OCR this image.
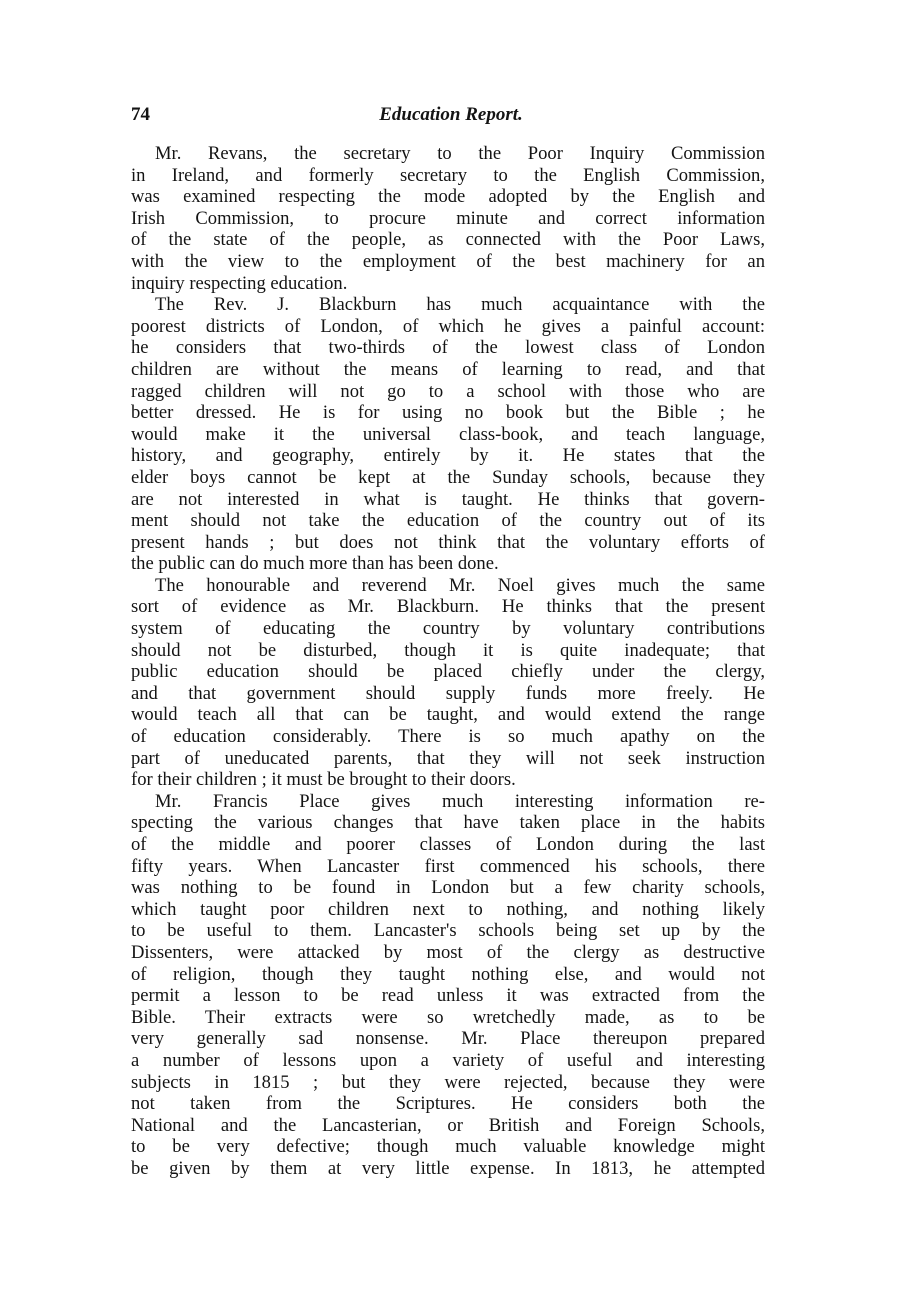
74	Education Report.

Mr. Revans, the secretary to the Poor Inquiry Commission
in Ireland, and formerly secretary to the English Commission,
was examined respecting the mode adopted by the English and
Irish Commission, to procure minute and correct information
of the state of the people, as connected with the Poor Laws,
with the view to the employment of the best machinery for an
inquiry respecting education.

The Rev. J. Blackburn has much acquaintance with the
poorest districts of London, of which he gives a painful account:
he considers that two-thirds of the lowest class of London
children are without the means of learning to read, and that
ragged children will not go to a school with those who are
better dressed. He is for using no book but the Bible ; he
would make it the universal class-book, and teach language,
history, and geography, entirely by it. He states that the
elder boys cannot be kept at the Sunday schools, because they
are not interested in what is taught. He thinks that govern-
ment should not take the education of the country out of its
present hands ; but does not think that the voluntary efforts of
the public can do much more than has been done.

The honourable and reverend Mr. Noel gives much the same
sort of evidence as Mr. Blackburn. He thinks that the present
system of educating the country by voluntary contributions
should not be disturbed, though it is quite inadequate; that
public education should be placed chiefly under the clergy,
and that government should supply funds more freely. He
would teach all that can be taught, and would extend the range
of education considerably. There is so much apathy on the
part of uneducated parents, that they will not seek instruction
for their children ; it must be brought to their doors.

Mr. Francis Place gives much interesting information re-
specting the various changes that have taken place in the habits
of the middle and poorer classes of London during the last
fifty years. When Lancaster first commenced his schools, there
was nothing to be found in London but a few charity schools,
which taught poor children next to nothing, and nothing likely
to be useful to them. Lancaster's schools being set up by the
Dissenters, were attacked by most of the clergy as destructive
of religion, though they taught nothing else, and would not
permit a lesson to be read unless it was extracted from the
Bible. Their extracts were so wretchedly made, as to be
very generally sad nonsense. Mr. Place thereupon prepared
a number of lessons upon a variety of useful and interesting
subjects in 1815 ; but they were rejected, because they were
not taken from the Scriptures. He considers both the
National and the Lancasterian, or British and Foreign Schools,
to be very defective; though much valuable knowledge might
be given by them at very little expense. In 1813, he attempted
